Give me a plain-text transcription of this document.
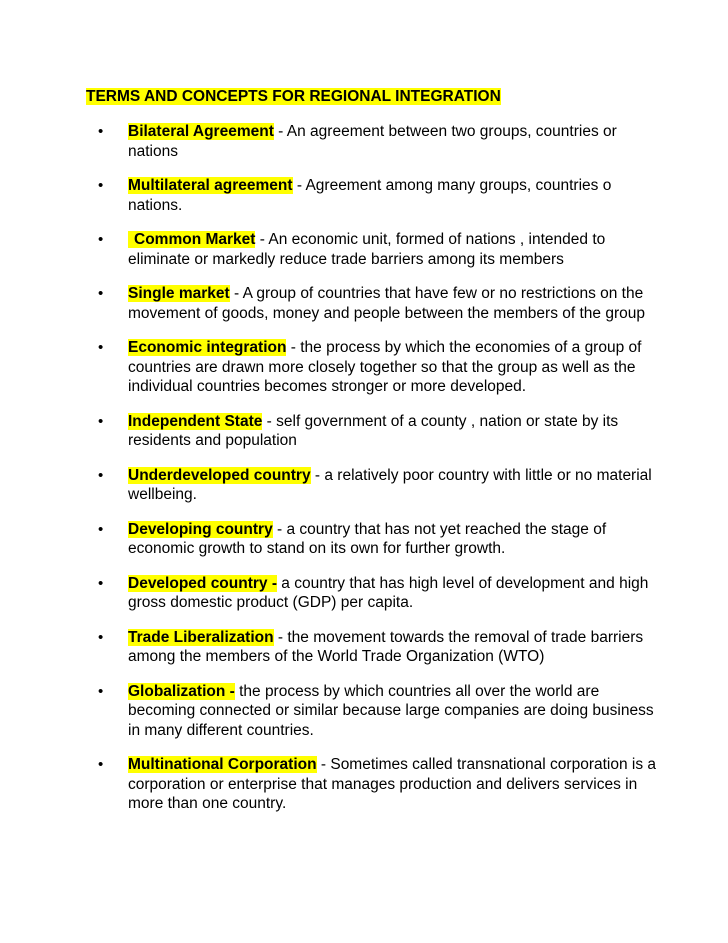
TERMS AND CONCEPTS FOR REGIONAL INTEGRATION
•	Bilateral Agreement - An agreement between two groups, countries or nations
•	Multilateral agreement - Agreement among many groups, countries o nations.
•	Common Market - An economic unit, formed of nations , intended to eliminate or markedly reduce trade barriers among its members
•	Single market - A group of countries that have few or no restrictions on the movement of goods, money and people between the members of the group
•	Economic integration - the process by which the economies of a group of countries are drawn more closely together so that the group as well as the individual countries becomes stronger or more developed.
•	Independent State - self government of a county , nation or state by its residents and population
•	Underdeveloped country - a relatively poor country with little or no material wellbeing.
•	Developing country - a country that has not yet reached the stage of economic growth to stand on its own for further growth.
•	Developed country - a country that has high level of development and high gross domestic product (GDP) per capita.
•	Trade Liberalization - the movement towards the removal of trade barriers among the members of the World Trade Organization (WTO)
•	Globalization - the process by which countries all over the world are becoming connected or similar because large companies are doing business in many different countries.
•	Multinational Corporation - Sometimes called transnational corporation is a corporation or enterprise that manages production and delivers services in more than one country.
